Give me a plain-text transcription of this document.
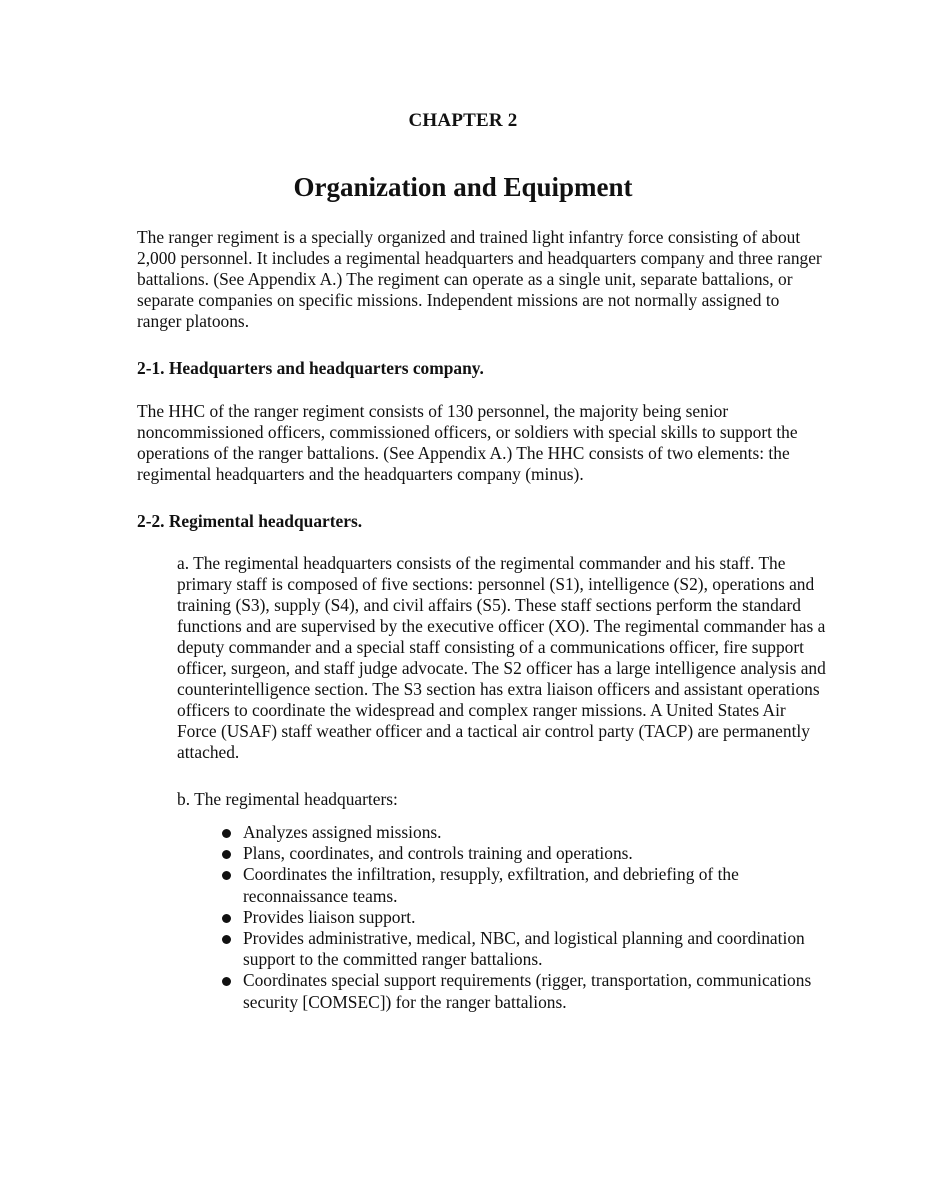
CHAPTER 2
Organization and Equipment
The ranger regiment is a specially organized and trained light infantry force consisting of about 2,000 personnel. It includes a regimental headquarters and headquarters company and three ranger battalions. (See Appendix A.) The regiment can operate as a single unit, separate battalions, or separate companies on specific missions. Independent missions are not normally assigned to ranger platoons.
2-1. Headquarters and headquarters company.
The HHC of the ranger regiment consists of 130 personnel, the majority being senior noncommissioned officers, commissioned officers, or soldiers with special skills to support the operations of the ranger battalions. (See Appendix A.) The HHC consists of two elements: the regimental headquarters and the headquarters company (minus).
2-2. Regimental headquarters.
a. The regimental headquarters consists of the regimental commander and his staff. The primary staff is composed of five sections: personnel (S1), intelligence (S2), operations and training (S3), supply (S4), and civil affairs (S5). These staff sections perform the standard functions and are supervised by the executive officer (XO). The regimental commander has a deputy commander and a special staff consisting of a communications officer, fire support officer, surgeon, and staff judge advocate. The S2 officer has a large intelligence analysis and counterintelligence section. The S3 section has extra liaison officers and assistant operations officers to coordinate the widespread and complex ranger missions. A United States Air Force (USAF) staff weather officer and a tactical air control party (TACP) are permanently attached.
b. The regimental headquarters:
Analyzes assigned missions.
Plans, coordinates, and controls training and operations.
Coordinates the infiltration, resupply, exfiltration, and debriefing of the reconnaissance teams.
Provides liaison support.
Provides administrative, medical, NBC, and logistical planning and coordination support to the committed ranger battalions.
Coordinates special support requirements (rigger, transportation, communications security [COMSEC]) for the ranger battalions.
